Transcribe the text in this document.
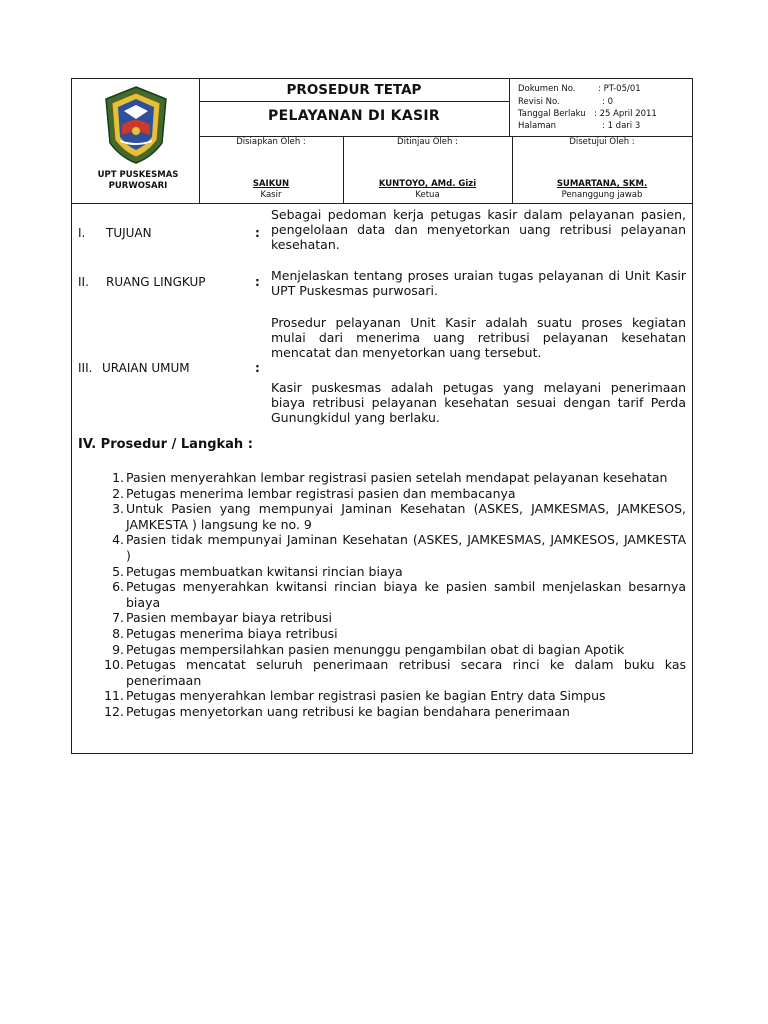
UPT PUSKESMAS
PURWOSARI
PROSEDUR TETAP
PELAYANAN DI KASIR
Dokumen No.	: PT-05/01
Revisi No.	: 0
Tanggal Berlaku : 25 April 2011
Halaman	: 1 dari 3
Disiapkan Oleh :
SAIKUN
Kasir
Ditinjau Oleh :
KUNTOYO, AMd. Gizi
Ketua
Disetujui Oleh :
SUMARTANA, SKM.
Penanggung jawab
I. TUJUAN	:
Sebagai pedoman kerja petugas kasir dalam pelayanan pasien, pengelolaan data dan menyetorkan uang retribusi pelayanan kesehatan.
II. RUANG LINGKUP	: Menjelaskan tentang proses uraian tugas pelayanan di Unit Kasir UPT Puskesmas purwosari.
III. URAIAN UMUM	:
Prosedur pelayanan Unit Kasir adalah suatu proses kegiatan mulai dari menerima uang retribusi pelayanan kesehatan mencatat dan menyetorkan uang tersebut.
Kasir puskesmas adalah petugas yang melayani penerimaan biaya retribusi pelayanan kesehatan sesuai dengan tarif Perda Gunungkidul yang berlaku.
IV. Prosedur / Langkah :
1. Pasien menyerahkan lembar registrasi pasien setelah mendapat pelayanan kesehatan
2. Petugas menerima lembar registrasi pasien dan membacanya
3. Untuk Pasien yang mempunyai Jaminan Kesehatan (ASKES, JAMKESMAS, JAMKESOS, JAMKESTA ) langsung ke no. 9
4. Pasien tidak mempunyai Jaminan Kesehatan (ASKES, JAMKESMAS, JAMKESOS, JAMKESTA )
5. Petugas membuatkan kwitansi rincian biaya
6. Petugas menyerahkan kwitansi rincian biaya ke pasien sambil menjelaskan besarnya biaya
7. Pasien membayar biaya retribusi
8. Petugas menerima biaya retribusi
9. Petugas mempersilahkan pasien menunggu pengambilan obat di bagian Apotik
10. Petugas mencatat seluruh penerimaan retribusi secara rinci ke dalam buku kas penerimaan
11. Petugas menyerahkan lembar registrasi pasien ke bagian Entry data Simpus
12. Petugas menyetorkan uang retribusi ke bagian bendahara penerimaan
